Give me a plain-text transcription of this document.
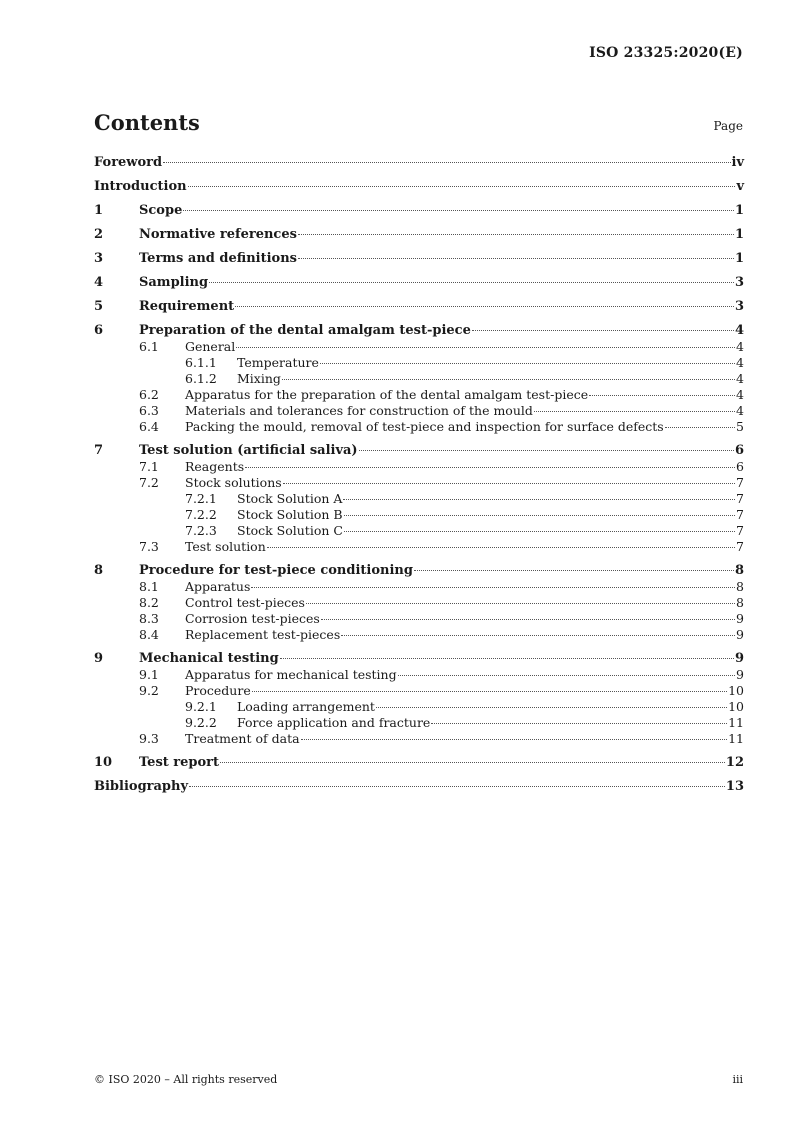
ISO 23325:2020(E)
Contents	Page
Foreword	iv
Introduction	v
1	Scope	1
2	Normative references	1
3	Terms and definitions	1
4	Sampling	3
5	Requirement	3
6	Preparation of the dental amalgam test-piece	4
6.1	General	4
6.1.1	Temperature	4
6.1.2	Mixing	4
6.2	Apparatus for the preparation of the dental amalgam test-piece	4
6.3	Materials and tolerances for construction of the mould	4
6.4	Packing the mould, removal of test-piece and inspection for surface defects	5
7	Test solution (artificial saliva)	6
7.1	Reagents	6
7.2	Stock solutions	7
7.2.1	Stock Solution A	7
7.2.2	Stock Solution B	7
7.2.3	Stock Solution C	7
7.3	Test solution	7
8	Procedure for test-piece conditioning	8
8.1	Apparatus	8
8.2	Control test-pieces	8
8.3	Corrosion test-pieces	9
8.4	Replacement test-pieces	9
9	Mechanical testing	9
9.1	Apparatus for mechanical testing	9
9.2	Procedure	10
9.2.1	Loading arrangement	10
9.2.2	Force application and fracture	11
9.3	Treatment of data	11
10	Test report	12
Bibliography	13
© ISO 2020 – All rights reserved	iii
